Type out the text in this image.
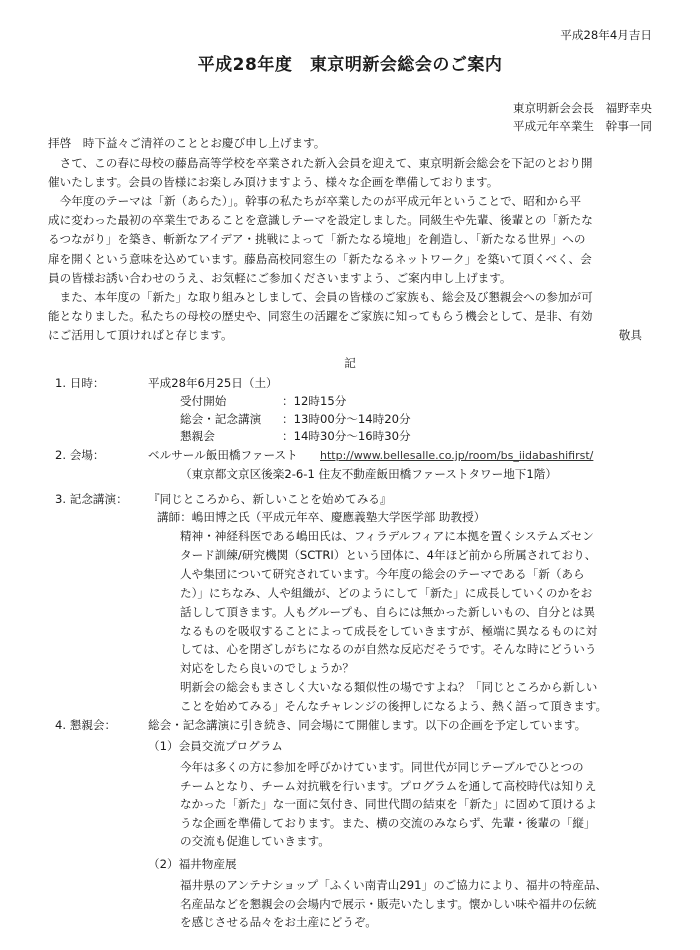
平成28年4月吉日
平成28年度　東京明新会総会のご案内
東京明新会会長　福野幸央
平成元年卒業生　幹事一同
拝啓　時下益々ご清祥のこととお慶び申し上げます。
　さて、この春に母校の藤島高等学校を卒業された新入会員を迎えて、東京明新会総会を下記のとおり開
催いたします。会員の皆様にお楽しみ頂けますよう、様々な企画を準備しております。
　今年度のテーマは「新（あらた）」。幹事の私たちが卒業したのが平成元年ということで、昭和から平
成に変わった最初の卒業生であることを意識しテーマを設定しました。同級生や先輩、後輩との「新たな
るつながり」を築き、斬新なアイデア・挑戦によって「新たなる境地」を創造し、「新たなる世界」への
扉を開くという意味を込めています。藤島高校同窓生の「新たなるネットワーク」を築いて頂くべく、会
員の皆様お誘い合わせのうえ、お気軽にご参加くださいますよう、ご案内申し上げます。
　また、本年度の「新た」な取り組みとしまして、会員の皆様のご家族も、総会及び懇親会への参加が可
能となりました。私たちの母校の歴史や、同窓生の活躍をご家族に知ってもらう機会として、是非、有効
にご活用して頂ければと存じます。	敬具
記
1. 日時：	平成28年6月25日（土）
受付開始	：12時15分
総会・記念講演	：13時00分～14時20分
懇親会	：14時30分～16時30分
2. 会場：	ベルサール飯田橋ファースト http://www.bellesalle.co.jp/room/bs_iidabashifirst/
（東京都文京区後楽2-6-1 住友不動産飯田橋ファーストタワー地下1階）
3. 記念講演： 『同じところから、新しいことを始めてみる』
講師：嶋田博之氏（平成元年卒、慶應義塾大学医学部 助教授）
精神・神経科医である嶋田氏は、フィラデルフィアに本拠を置くシステムズセン
タード訓練/研究機関（SCTRI）という団体に、4年ほど前から所属されており、
人や集団について研究されています。今年度の総会のテーマである「新（あら
た）」にちなみ、人や組織が、どのようにして「新た」に成長していくのかをお
話しして頂きます。人もグループも、自らには無かった新しいもの、自分とは異
なるものを吸収することによって成長をしていきますが、極端に異なるものに対
しては、心を閉ざしがちになるのが自然な反応だそうです。そんな時にどういう
対応をしたら良いのでしょうか？
明新会の総会もまさしく大いなる類似性の場ですよね？「同じところから新しい
ことを始めてみる」そんなチャレンジの後押しになるよう、熱く語って頂きます。
4. 懇親会：	総会・記念講演に引き続き、同会場にて開催します。以下の企画を予定しています。
（1）会員交流プログラム
今年は多くの方に参加を呼びかけています。同世代が同じテーブルでひとつの
チームとなり、チーム対抗戦を行います。プログラムを通して高校時代は知りえ
なかった「新た」な一面に気付き、同世代間の結束を「新た」に固めて頂けるよ
うな企画を準備しております。また、横の交流のみならず、先輩・後輩の「縦」
の交流も促進していきます。
（2）福井物産展
福井県のアンテナショップ「ふくい南青山291」のご協力により、福井の特産品、
名産品などを懇親会の会場内で展示・販売いたします。懐かしい味や福井の伝統
を感じさせる品々をお土産にどうぞ。
